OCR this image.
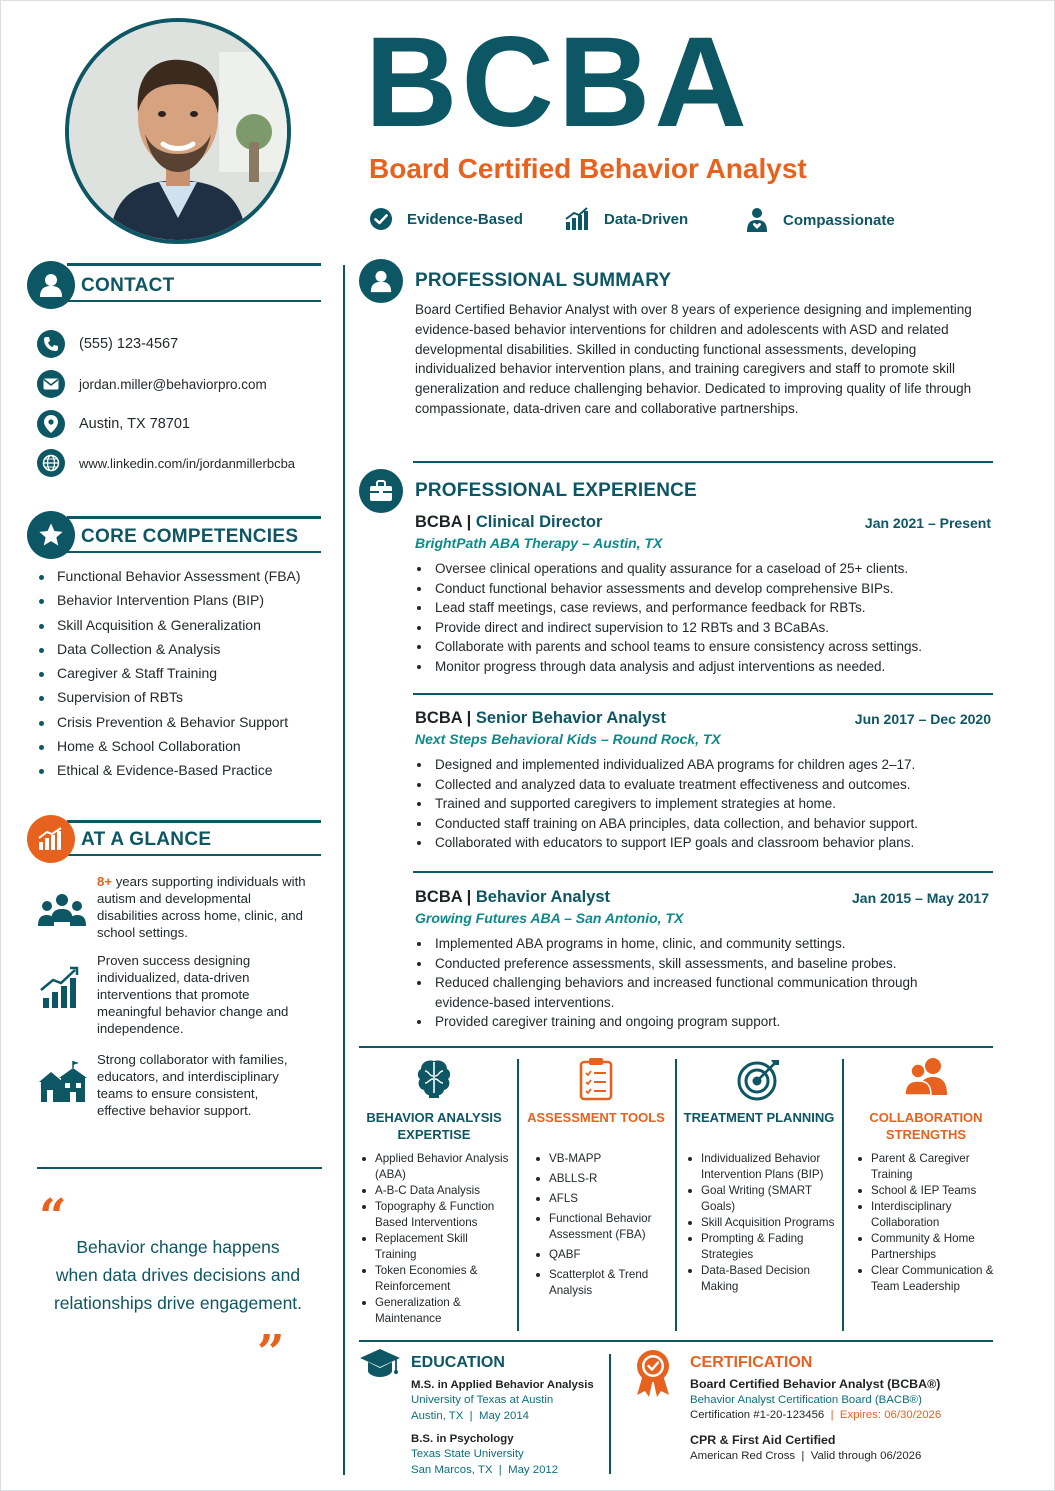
BCBA
Board Certified Behavior Analyst
Evidence-Based	Data-Driven	Compassionate
CONTACT
(555) 123-4567
jordan.miller@behaviorpro.com
Austin, TX 78701
www.linkedin.com/in/jordanmillerbcba
CORE COMPETENCIES
Functional Behavior Assessment (FBA)
Behavior Intervention Plans (BIP)
Skill Acquisition & Generalization
Data Collection & Analysis
Caregiver & Staff Training
Supervision of RBTs
Crisis Prevention & Behavior Support
Home & School Collaboration
Ethical & Evidence-Based Practice
AT A GLANCE
8+ years supporting individuals with autism and developmental disabilities across home, clinic, and school settings.
Proven success designing individualized, data-driven interventions that promote meaningful behavior change and independence.
Strong collaborator with families, educators, and interdisciplinary teams to ensure consistent, effective behavior support.
“
Behavior change happens when data drives decisions and relationships drive engagement.
”
PROFESSIONAL SUMMARY
Board Certified Behavior Analyst with over 8 years of experience designing and implementing evidence-based behavior interventions for children and adolescents with ASD and related developmental disabilities. Skilled in conducting functional assessments, developing individualized behavior intervention plans, and training caregivers and staff to promote skill generalization and reduce challenging behavior. Dedicated to improving quality of life through compassionate, data-driven care and collaborative partnerships.
PROFESSIONAL EXPERIENCE
BCBA | Clinical Director	Jan 2021 – Present
BrightPath ABA Therapy – Austin, TX
Oversee clinical operations and quality assurance for a caseload of 25+ clients.
Conduct functional behavior assessments and develop comprehensive BIPs.
Lead staff meetings, case reviews, and performance feedback for RBTs.
Provide direct and indirect supervision to 12 RBTs and 3 BCaBAs.
Collaborate with parents and school teams to ensure consistency across settings.
Monitor progress through data analysis and adjust interventions as needed.
BCBA | Senior Behavior Analyst	Jun 2017 – Dec 2020
Next Steps Behavioral Kids – Round Rock, TX
Designed and implemented individualized ABA programs for children ages 2–17.
Collected and analyzed data to evaluate treatment effectiveness and outcomes.
Trained and supported caregivers to implement strategies at home.
Conducted staff training on ABA principles, data collection, and behavior support.
Collaborated with educators to support IEP goals and classroom behavior plans.
BCBA | Behavior Analyst	Jan 2015 – May 2017
Growing Futures ABA – San Antonio, TX
Implemented ABA programs in home, clinic, and community settings.
Conducted preference assessments, skill assessments, and baseline probes.
Reduced challenging behaviors and increased functional communication through evidence-based interventions.
Provided caregiver training and ongoing program support.
BEHAVIOR ANALYSIS EXPERTISE
Applied Behavior Analysis (ABA)
A-B-C Data Analysis
Topography & Function Based Interventions
Replacement Skill Training
Token Economies & Reinforcement
Generalization & Maintenance
ASSESSMENT TOOLS
VB-MAPP
ABLLS-R
AFLS
Functional Behavior Assessment (FBA)
QABF
Scatterplot & Trend Analysis
TREATMENT PLANNING
Individualized Behavior Intervention Plans (BIP)
Goal Writing (SMART Goals)
Skill Acquisition Programs
Prompting & Fading Strategies
Data-Based Decision Making
COLLABORATION STRENGTHS
Parent & Caregiver Training
School & IEP Teams
Interdisciplinary Collaboration
Community & Home Partnerships
Clear Communication & Team Leadership
EDUCATION
M.S. in Applied Behavior Analysis
University of Texas at Austin
Austin, TX  |  May 2014
B.S. in Psychology
Texas State University
San Marcos, TX  |  May 2012
CERTIFICATION
Board Certified Behavior Analyst (BCBA®)
Behavior Analyst Certification Board (BACB®)
Certification #1-20-123456 | Expires: 06/30/2026
CPR & First Aid Certified
American Red Cross  |  Valid through 06/2026
